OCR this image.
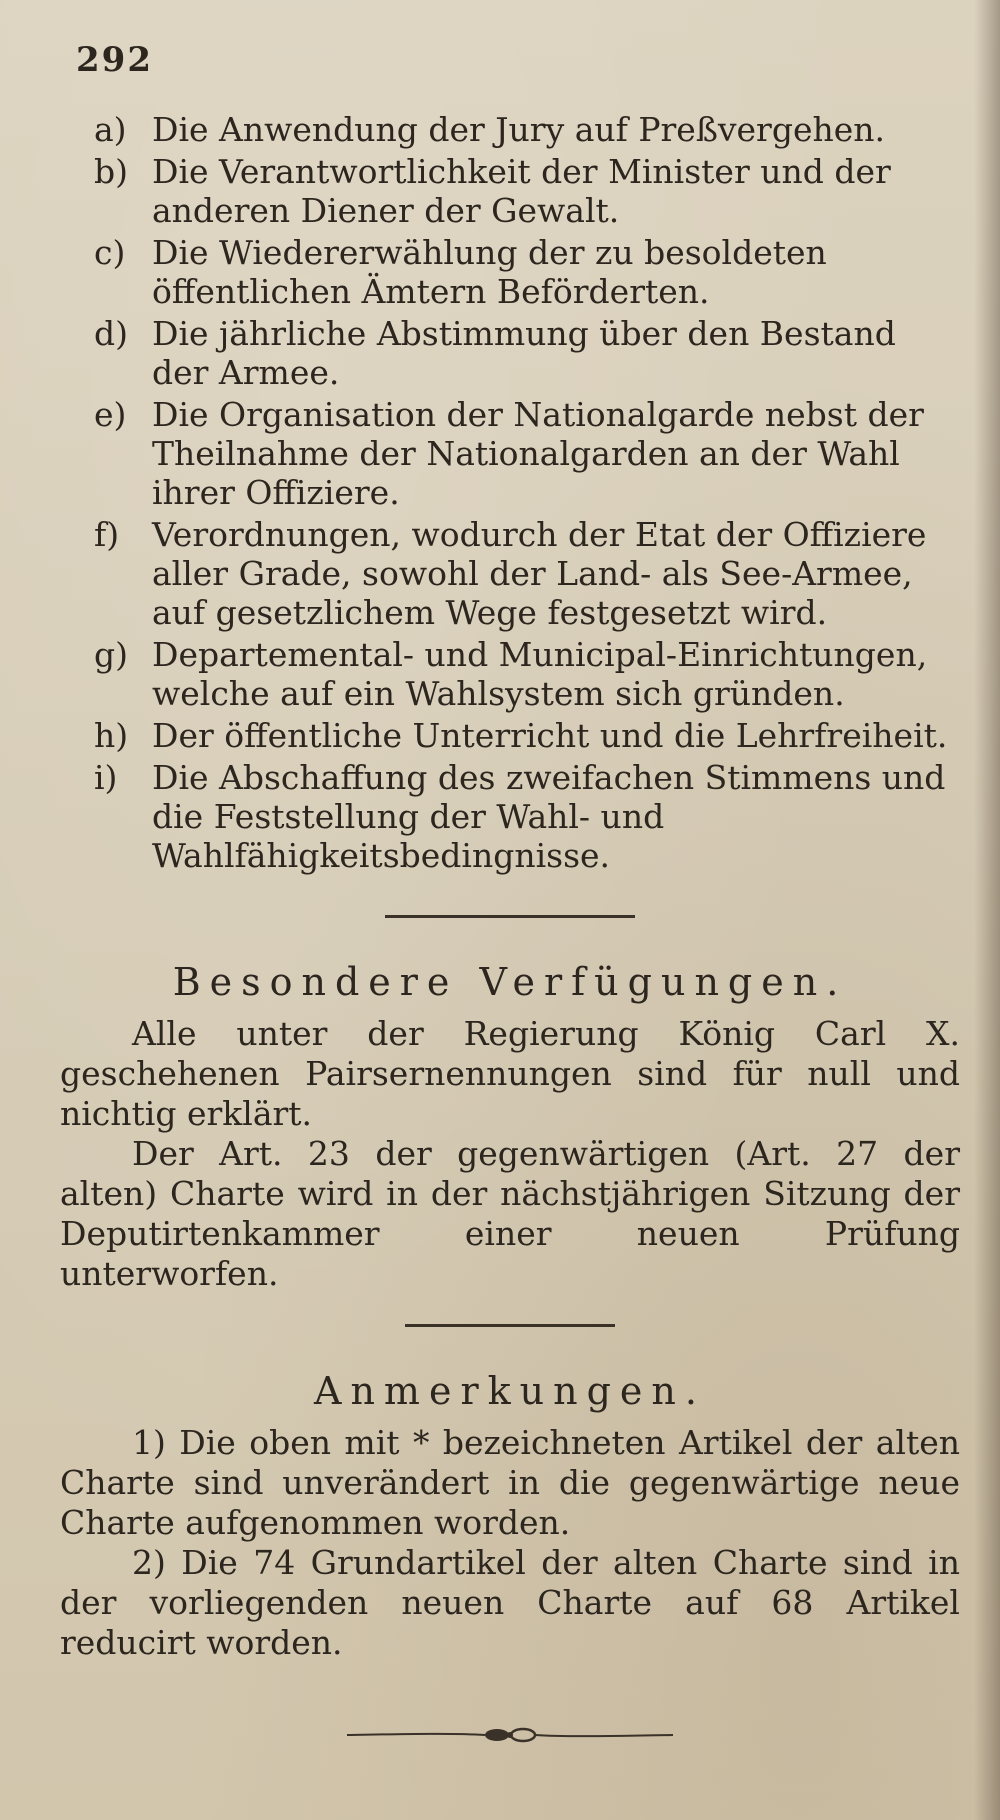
292
a) Die Anwendung der Jury auf Preßvergehen.
b) Die Verantwortlichkeit der Minister und der anderen Diener der Gewalt.
c) Die Wiedererwählung der zu besoldeten öffentlichen Ämtern Beförderten.
d) Die jährliche Abstimmung über den Bestand der Armee.
e) Die Organisation der Nationalgarde nebst der Theilnahme der Nationalgarden an der Wahl ihrer Offiziere.
f) Verordnungen, wodurch der Etat der Offiziere aller Grade, sowohl der Land- als See-Armee, auf gesetzlichem Wege festgesetzt wird.
g) Departemental- und Municipal-Einrichtungen, welche auf ein Wahlsystem sich gründen.
h) Der öffentliche Unterricht und die Lehrfreiheit.
i)	Die Abschaffung des zweifachen Stimmens und die Feststellung der Wahl- und Wahlfähigkeitsbedingnisse.
Besondere Verfügungen.

Alle unter der Regierung König Carl X. geschehenen Pairsernennungen sind für null und nichtig erklärt.

Der Art. 23 der gegenwärtigen (Art. 27 der alten) Charte wird in der nächstjährigen Sitzung der Deputirtenkammer einer neuen Prüfung unterworfen.

Anmerkungen.

1) Die oben mit * bezeichneten Artikel der alten Charte sind unverändert in die gegenwärtige neue Charte aufgenommen worden.

2) Die 74 Grundartikel der alten Charte sind in der vorliegenden neuen Charte auf 68 Artikel reducirt worden.
